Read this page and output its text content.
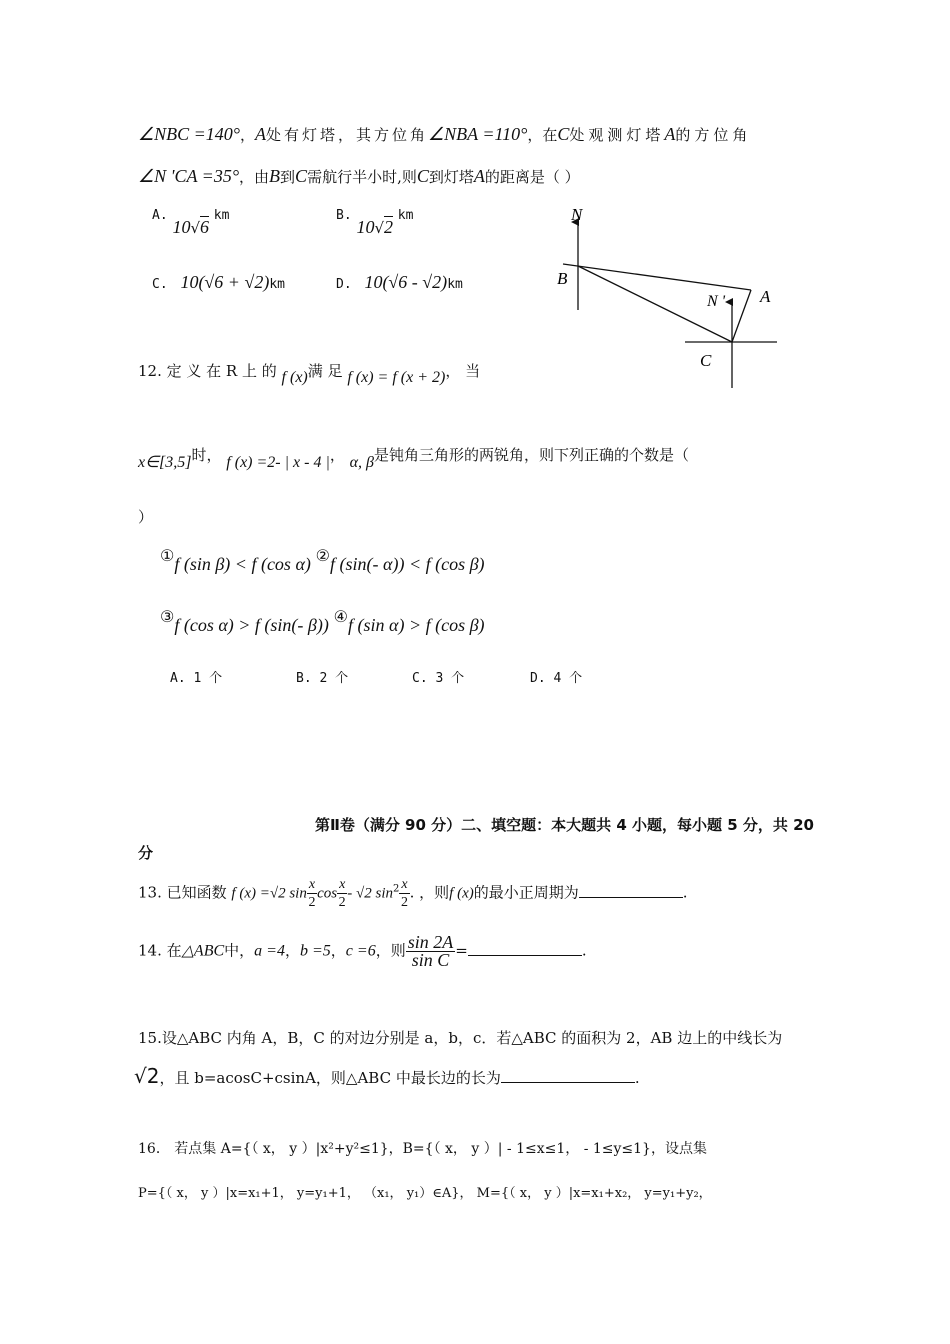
∠NBC =140°，A处有灯塔，其方位角∠NBA =110°，在C处观测灯塔A的方位角
∠N 'CA =35°，由B到C需航行半小时,则C到灯塔A的距离是（ ）
A. 10√6 km	B. 10√2 km
C. 10(√6 + √2)km	D. 10(√6 - √2)km
N
B
N ' A
C
12. 定 义 在 R 上 的 f (x)满 足 f (x) = f (x + 2)， 当
x∈[3,5]时， f (x) =2- | x - 4 |， α, β是钝角三角形的两锐角，则下列正确的个数是（
）
①f (sin β) < f (cos α) ②f (sin(- α)) < f (cos β)
③f (cos α) > f (sin(- β)) ④f (sin α) > f (cos β)
A. 1 个	B. 2 个	C. 3 个	D. 4 个
第Ⅱ卷（满分 90 分）二、填空题：本大题共 4 小题，每小题 5 分，共 20
分
13. 已知函数 f (x) =√2 $\sin \frac{x}{2}$ $\cos \frac{x}{2} - √2$ $\sin^2 \frac{x}{2}$ . ，则f (x)的最小正周期为	.
14. 在△ABC中，a =4，b =5，c =6，则 $\frac{\sin 2A}{\text{sin C}}$ =	.
15.设△ABC 内角 A，B，C 的对边分别是 a，b，c．若△ABC 的面积为 2，AB 边上的中线长为
√2，且 b=acosC+csinA，则△ABC 中最长边的长为	.
16． 若点集 A={（ x， y ）|x²+y²≤1}，B={（ x， y ）| - 1≤x≤1， - 1≤y≤1}，设点集
P={（ x， y ）|x=x₁+1， y=y₁+1， （x₁， y₁）∈A}， M={（ x， y ）|x=x₁+x₂， y=y₁+y₂，
